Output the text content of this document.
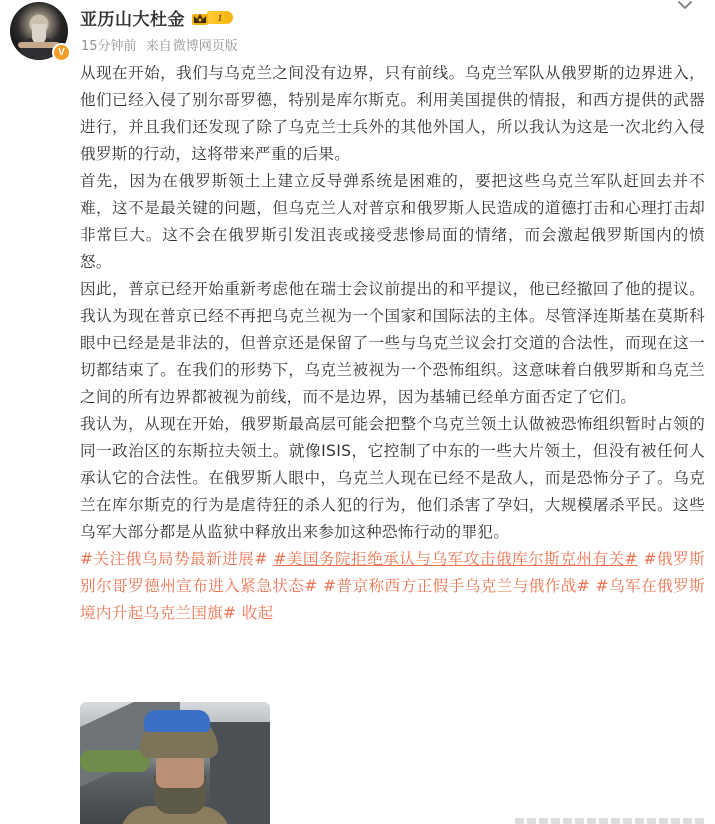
V
亚历山大杜金	1
15分钟前 来自微博网页版

从现在开始，我们与乌克兰之间没有边界，只有前线。乌克兰军队从俄罗斯的边界进入，他们已经入侵了别尔哥罗德，特别是库尔斯克。利用美国提供的情报，和西方提供的武器进行，并且我们还发现了除了乌克兰士兵外的其他外国人，所以我认为这是一次北约入侵俄罗斯的行动，这将带来严重的后果。

首先，因为在俄罗斯领土上建立反导弹系统是困难的，要把这些乌克兰军队赶回去并不难，这不是最关键的问题，但乌克兰人对普京和俄罗斯人民造成的道德打击和心理打击却非常巨大。这不会在俄罗斯引发沮丧或接受悲惨局面的情绪，而会激起俄罗斯国内的愤怒。

因此，普京已经开始重新考虑他在瑞士会议前提出的和平提议，他已经撤回了他的提议。我认为现在普京已经不再把乌克兰视为一个国家和国际法的主体。尽管泽连斯基在莫斯科眼中已经是是非法的，但普京还是保留了一些与乌克兰议会打交道的合法性，而现在这一切都结束了。在我们的形势下，乌克兰被视为一个恐怖组织。这意味着白俄罗斯和乌克兰之间的所有边界都被视为前线，而不是边界，因为基辅已经单方面否定了它们。

我认为，从现在开始，俄罗斯最高层可能会把整个乌克兰领土认做被恐怖组织暂时占领的同一政治区的东斯拉夫领土。就像ISIS，它控制了中东的一些大片领土，但没有被任何人承认它的合法性。在俄罗斯人眼中，乌克兰人现在已经不是敌人，而是恐怖分子了。乌克兰在库尔斯克的行为是虐待狂的杀人犯的行为，他们杀害了孕妇，大规模屠杀平民。这些乌军大部分都是从监狱中释放出来参加这种恐怖行动的罪犯。

#关注俄乌局势最新进展# #美国务院拒绝承认与乌军攻击俄库尔斯克州有关# #俄罗斯别尔哥罗德州宣布进入紧急状态# #普京称西方正假手乌克兰与俄作战# #乌军在俄罗斯境内升起乌克兰国旗# 收起
